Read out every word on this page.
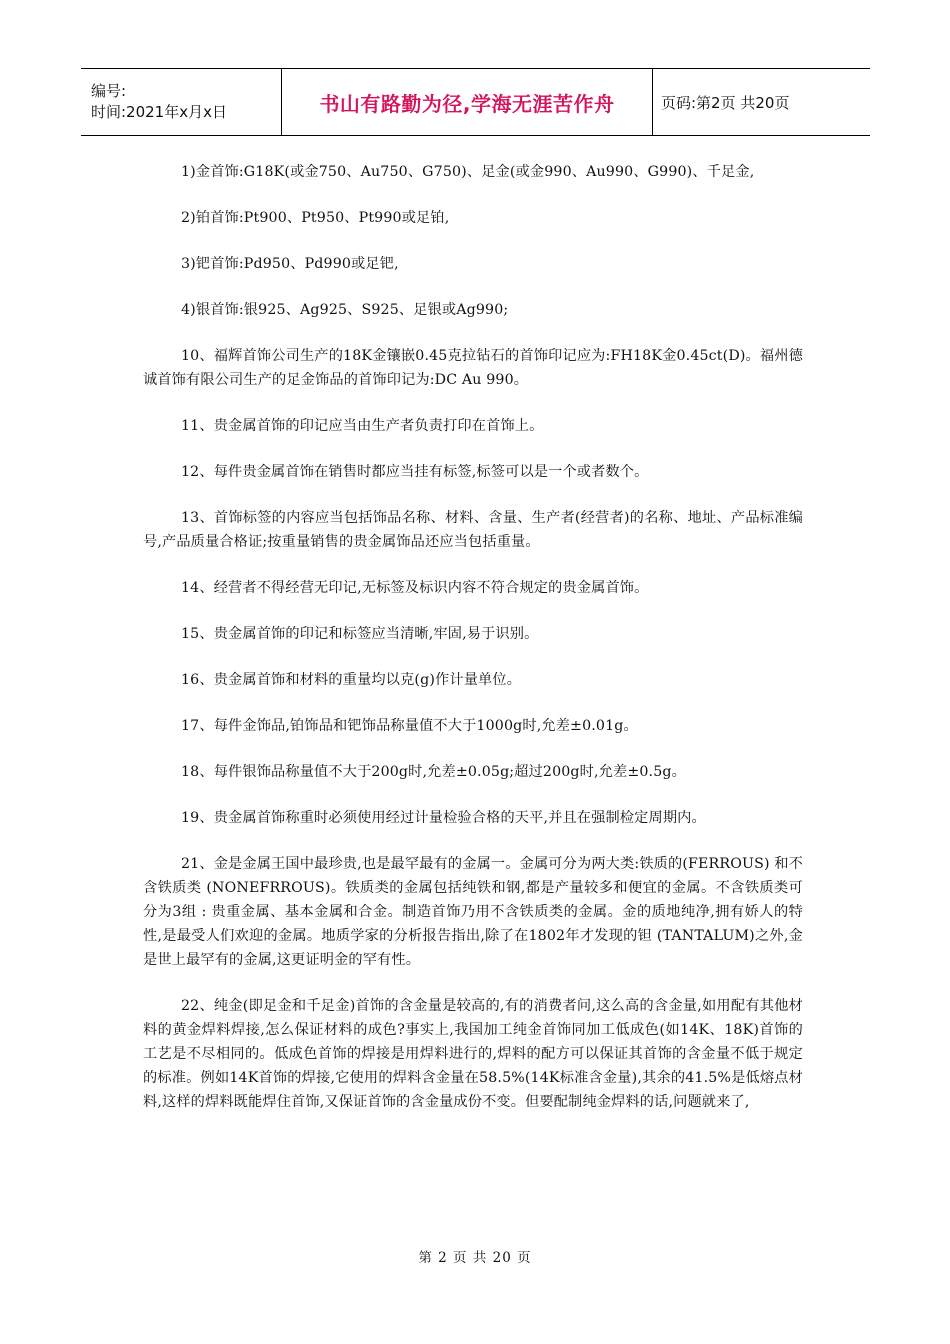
编号:
时间:2021年x月x日	书山有路勤为径,学海无涯苦作舟	页码:第2页 共20页

1)金首饰:G18K(或金750、Au750、G750)、足金(或金990、Au990、G990)、千足金,

2)铂首饰:Pt900、Pt950、Pt990或足铂,

3)钯首饰:Pd950、Pd990或足钯,

4)银首饰:银925、Ag925、S925、足银或Ag990;

10、福辉首饰公司生产的18K金镶嵌0.45克拉钻石的首饰印记应为:FH18K金0.45ct(D)。福州德诚首饰有限公司生产的足金饰品的首饰印记为:DC Au 990。

11、贵金属首饰的印记应当由生产者负责打印在首饰上。

12、每件贵金属首饰在销售时都应当挂有标签,标签可以是一个或者数个。

13、首饰标签的内容应当包括饰品名称、材料、含量、生产者(经营者)的名称、地址、产品标准编号,产品质量合格证;按重量销售的贵金属饰品还应当包括重量。

14、经营者不得经营无印记,无标签及标识内容不符合规定的贵金属首饰。

15、贵金属首饰的印记和标签应当清晰,牢固,易于识别。

16、贵金属首饰和材料的重量均以克(g)作计量单位。

17、每件金饰品,铂饰品和钯饰品称量值不大于1000g时,允差±0.01g。

18、每件银饰品称量值不大于200g时,允差±0.05g;超过200g时,允差±0.5g。

19、贵金属首饰称重时必须使用经过计量检验合格的天平,并且在强制检定周期内。

21、金是金属王国中最珍贵,也是最罕最有的金属一。金属可分为两大类:铁质的(FERROUS) 和不含铁质类 (NONEFRROUS)。铁质类的金属包括纯铁和钢,都是产量较多和便宜的金属。不含铁质类可分为3组 : 贵重金属、基本金属和合金。制造首饰乃用不含铁质类的金属。金的质地纯净,拥有娇人的特性,是最受人们欢迎的金属。地质学家的分析报告指出,除了在1802年才发现的钽 (TANTALUM)之外,金是世上最罕有的金属,这更证明金的罕有性。

22、纯金(即足金和千足金)首饰的含金量是较高的,有的消费者问,这么高的含金量,如用配有其他材料的黄金焊料焊接,怎么保证材料的成色?事实上,我国加工纯金首饰同加工低成色(如14K、18K)首饰的工艺是不尽相同的。低成色首饰的焊接是用焊料进行的,焊料的配方可以保证其首饰的含金量不低于规定的标准。例如14K首饰的焊接,它使用的焊料含金量在58.5%(14K标准含金量),其余的41.5%是低熔点材料,这样的焊料既能焊住首饰,又保证首饰的含金量成份不变。但要配制纯金焊料的话,问题就来了,

第 2 页 共 20 页
